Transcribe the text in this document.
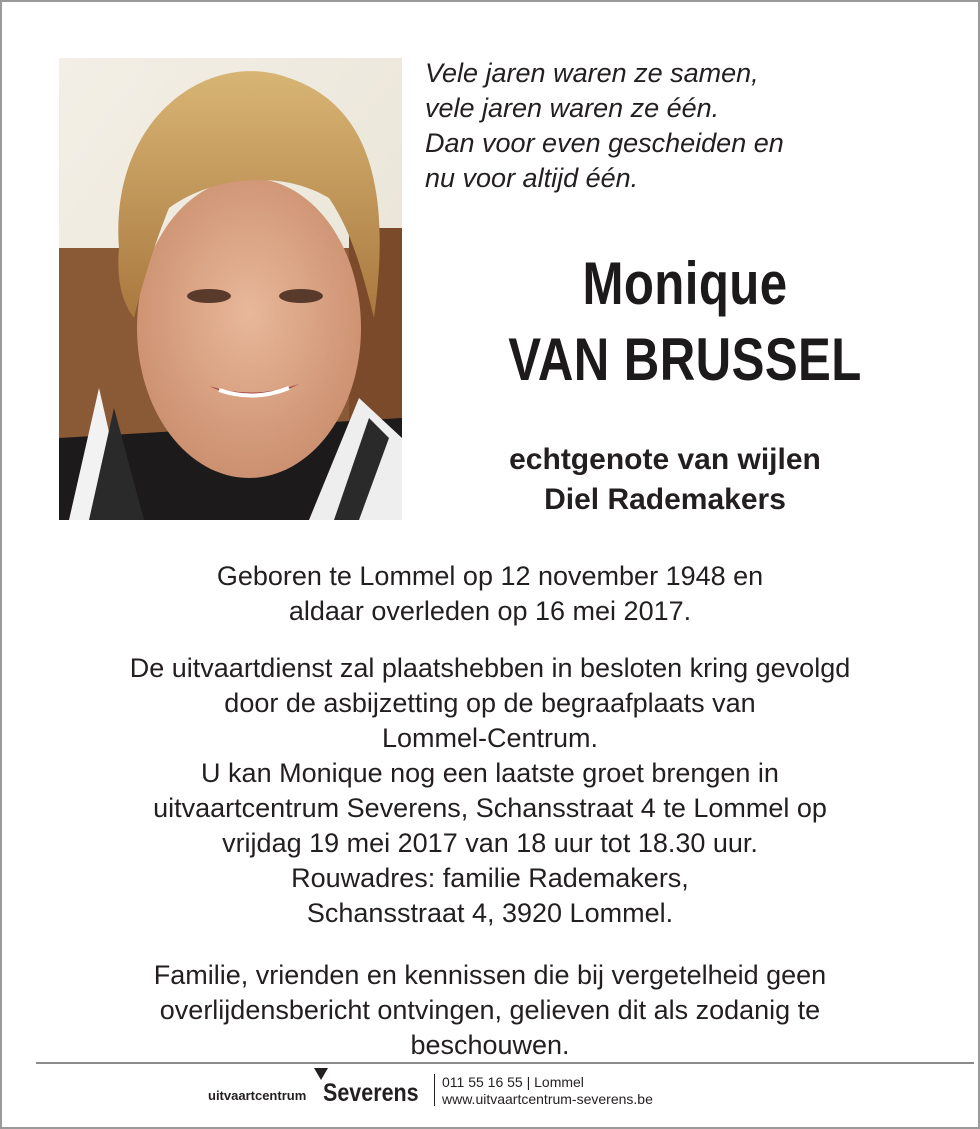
Vele jaren waren ze samen,
vele jaren waren ze één.
Dan voor even gescheiden en
nu voor altijd één.
Monique
VAN BRUSSEL
echtgenote van wijlen
Diel Rademakers
Geboren te Lommel op 12 november 1948 en
aldaar overleden op 16 mei 2017.
De uitvaartdienst zal plaatshebben in besloten kring gevolgd
door de asbijzetting op de begraafplaats van
Lommel-Centrum.
U kan Monique nog een laatste groet brengen in
uitvaartcentrum Severens, Schansstraat 4 te Lommel op
vrijdag 19 mei 2017 van 18 uur tot 18.30 uur.
Rouwadres: familie Rademakers,
Schansstraat 4, 3920 Lommel.
Familie, vrienden en kennissen die bij vergetelheid geen
overlijdensbericht ontvingen, gelieven dit als zodanig te
beschouwen.
uitvaartcentrum Severens 011 55 16 55 | Lommel
www.uitvaartcentrum-severens.be
